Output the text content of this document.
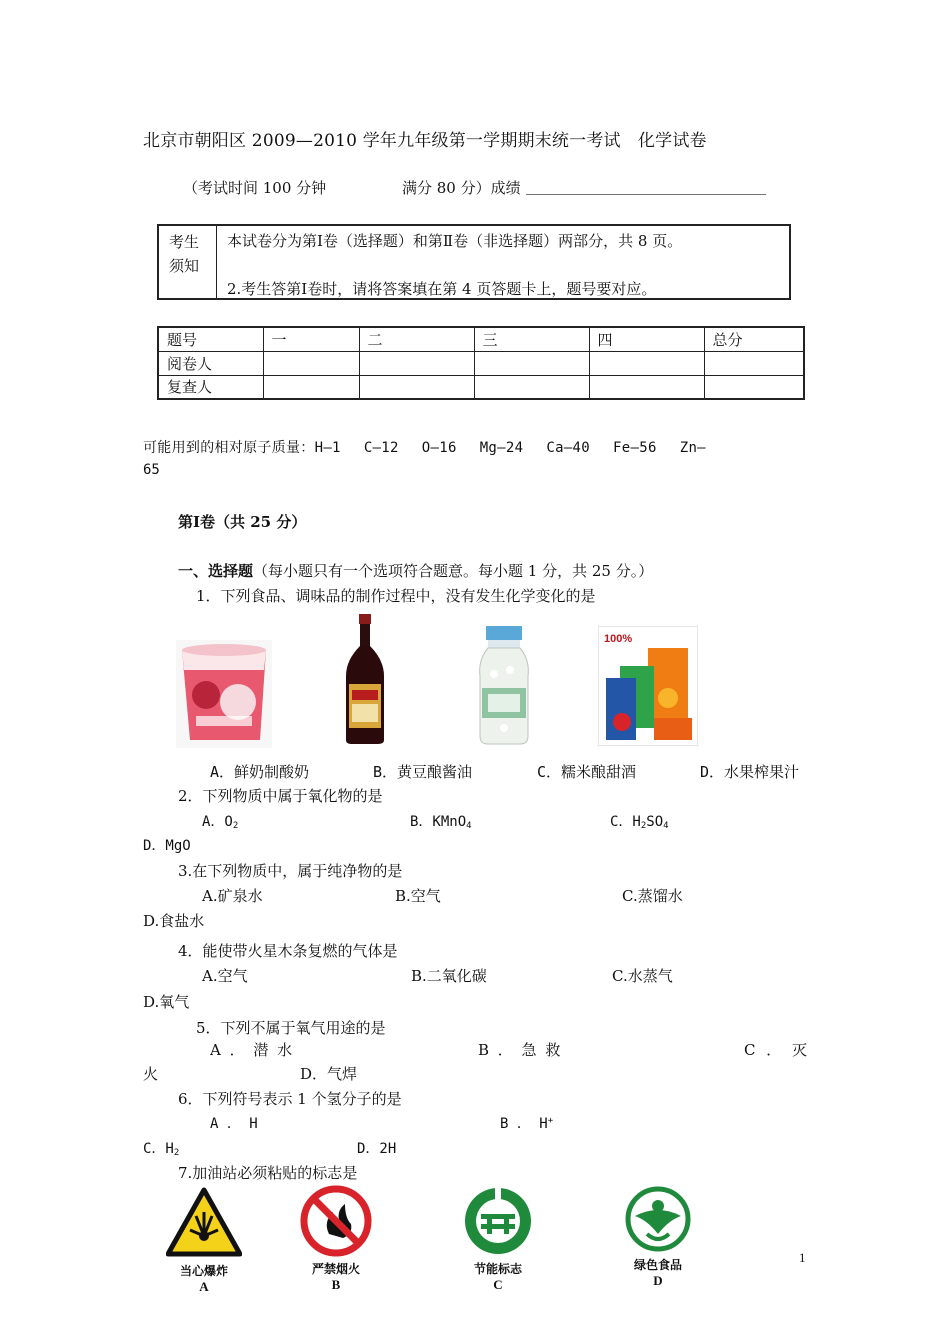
北京市朝阳区 2009—2010 学年九年级第一学期期末统一考试　化学试卷
（考试时间 100 分钟	满分 80 分）成绩 ________________________________
考生
须知
本试卷分为第Ⅰ卷（选择题）和第Ⅱ卷（非选择题）两部分，共 8 页。
2.考生答第Ⅰ卷时，请将答案填在第 4 页答题卡上，题号要对应。
题号	一	二	三	四	总分
阅卷人					
复查人					
可能用到的相对原子质量：H—1　 C—12　 O—16　 Mg—24　 Ca—40　 Fe—56　 Zn—
65
第Ⅰ卷（共 25 分）
一、选择题（每小题只有一个选项符合题意。每小题 1 分，共 25 分。）
1．下列食品、调味品的制作过程中，没有发生化学变化的是
100%
A．鲜奶制酸奶	B．黄豆酿酱油	C．糯米酿甜酒	D．水果榨果汁
2．下列物质中属于氧化物的是
A．$O_2$	B．KMnO$_4$	C．$H_2SO_4$
D．MgO
3.在下列物质中，属于纯净物的是
A.矿泉水	B.空气	C.蒸馏水
D.食盐水
4．能使带火星木条复燃的气体是
A.空气	B.二氧化碳	C.水蒸气
D.氧气
5．下列不属于氧气用途的是
A ． 潜 水	B ． 急 救	C ． 灭
火	D．气焊
6．下列符号表示 1 个氢分子的是
A ． H	B ． H+
C．$H_2$	D．2H
7.加油站必须粘贴的标志是
当心爆炸
A
严禁烟火
B
节能标志
C
绿色食品
D
1
